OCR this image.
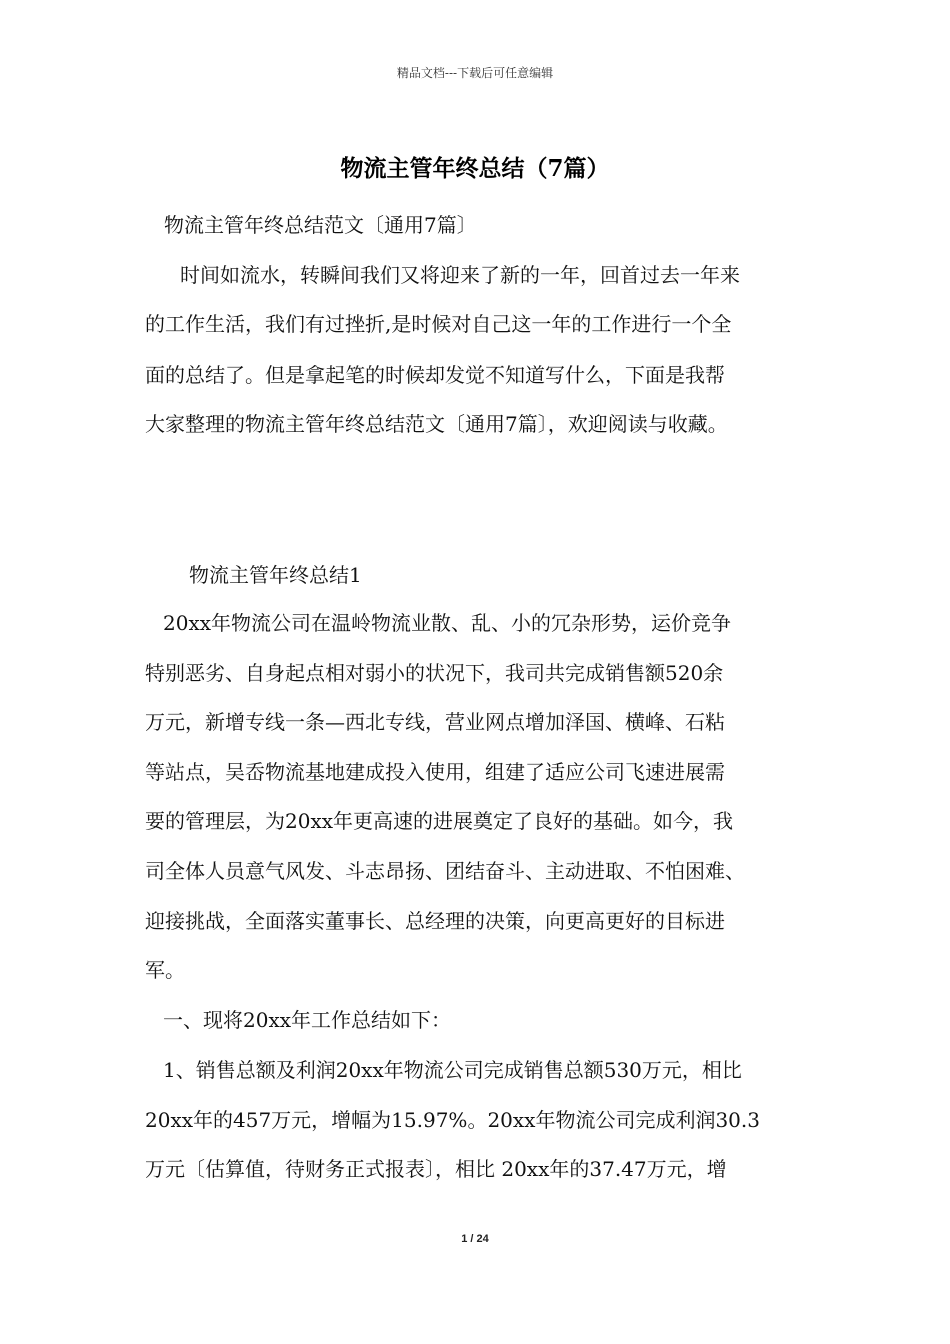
精品文档---下载后可任意编辑
物流主管年终总结（7篇）
物流主管年终总结范文〔通用7篇〕
时间如流水，转瞬间我们又将迎来了新的一年，回首过去一年来
的工作生活，我们有过挫折,是时候对自己这一年的工作进行一个全
面的总结了。但是拿起笔的时候却发觉不知道写什么，下面是我帮
大家整理的物流主管年终总结范文〔通用7篇〕，欢迎阅读与收藏。
物流主管年终总结1
20xx年物流公司在温岭物流业散、乱、小的冗杂形势，运价竞争
特别恶劣、自身起点相对弱小的状况下，我司共完成销售额520余
万元，新增专线一条—西北专线，营业网点增加泽国、横峰、石粘
等站点，吴岙物流基地建成投入使用，组建了适应公司飞速进展需
要的管理层，为20xx年更高速的进展奠定了良好的基础。如今，我
司全体人员意气风发、斗志昂扬、团结奋斗、主动进取、不怕困难、
迎接挑战，全面落实董事长、总经理的决策，向更高更好的目标进
军。
一、现将20xx年工作总结如下：
1、销售总额及利润20xx年物流公司完成销售总额530万元，相比
20xx年的457万元，增幅为15.97%。20xx年物流公司完成利润30.3
万元〔估算值，待财务正式报表〕，相比 20xx年的37.47万元，增
1 / 24
